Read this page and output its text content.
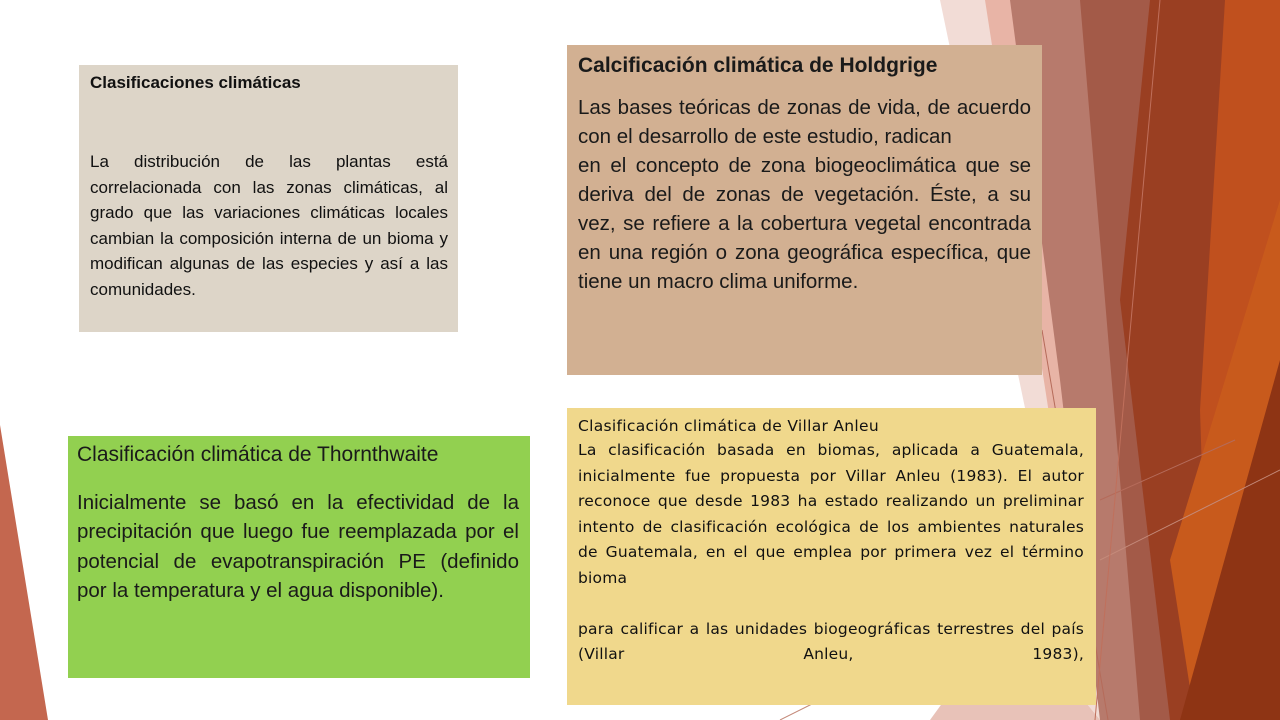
Clasificaciones climáticas

La distribución de las plantas está correlacionada con las zonas climáticas, al grado que las variaciones climáticas locales cambian la composición interna de un bioma y modifican algunas de las especies y así a las comunidades.

Calcificación climática de Holdgrige

Las bases teóricas de zonas de vida, de acuerdo con el desarrollo de este estudio, radican

en el concepto de zona biogeoclimática que se deriva del de zonas de vegetación. Éste, a su vez, se refiere a la cobertura vegetal encontrada en una región o zona geográfica específica, que tiene un macro clima uniforme.

Clasificación climática de Thornthwaite

Inicialmente se basó en la efectividad de la precipitación que luego fue reemplazada por el potencial de evapotranspiración PE (definido por la temperatura y el agua disponible).

Clasificación climática de Villar Anleu

La clasificación basada en biomas, aplicada a Guatemala, inicialmente fue propuesta por Villar Anleu (1983). El autor reconoce que desde 1983 ha estado realizando un preliminar intento de clasificación ecológica de los ambientes naturales de Guatemala, en el que emplea por primera vez el término bioma

para calificar a las unidades biogeográficas terrestres del país (Villar Anleu, 1983),
